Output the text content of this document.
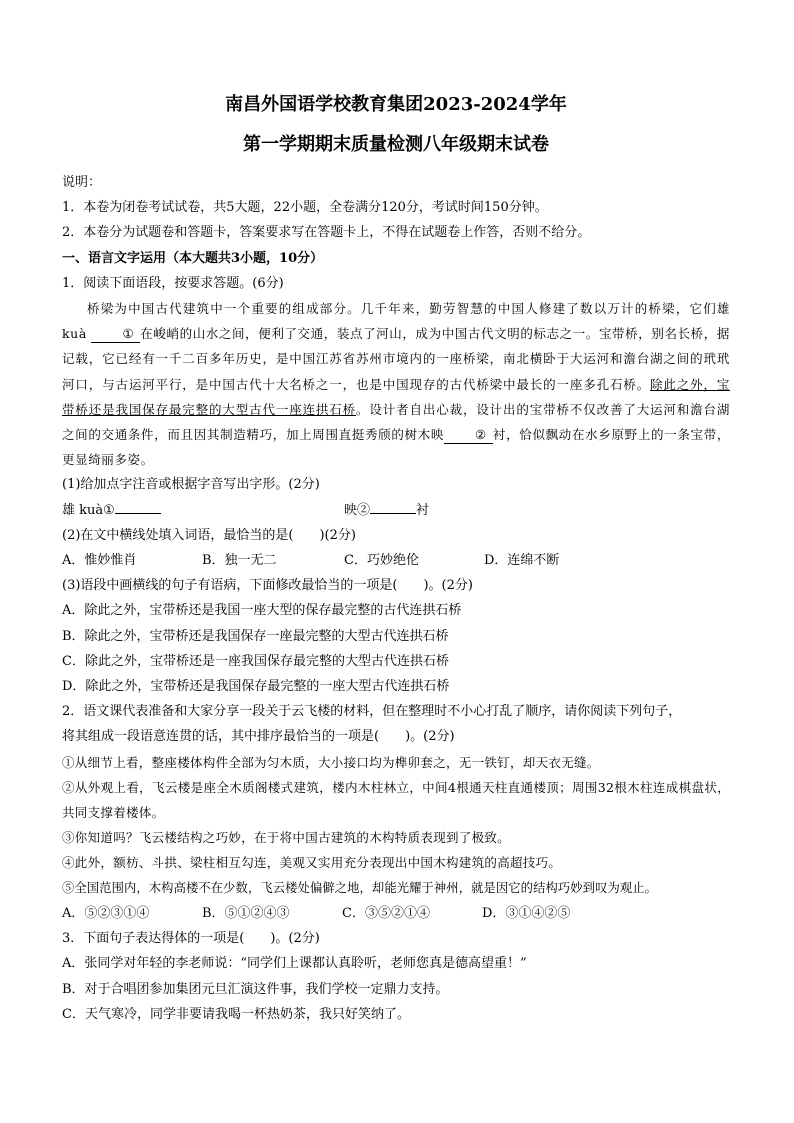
南昌外国语学校教育集团2023-2024学年

第一学期期末质量检测八年级期末试卷

说明：

1．本卷为闭卷考试试卷，共5大题，22小题，全卷满分120分，考试时间150分钟。

2．本卷分为试题卷和答题卡，答案要求写在答题卡上，不得在试题卷上作答，否则不给分。

一、语言文字运用（本大题共3小题，10分）

1．阅读下面语段，按要求答题。(6分)

桥梁为中国古代建筑中一个重要的组成部分。几千年来，勤劳智慧的中国人修建了数以万计的桥梁，它们雄 kuà ① 在峻峭的山水之间，便利了交通，装点了河山，成为中国古代文明的标志之一。宝带桥，别名长桥，据记载，它已经有一千二百多年历史，是中国江苏省苏州市境内的一座桥梁，南北横卧于大运河和澹台湖之间的玳玳河口，与古运河平行，是中国古代十大名桥之一，也是中国现存的古代桥梁中最长的一座多孔石桥。除此之外，宝带桥还是我国保存最完整的大型古代一座连拱石桥。设计者自出心裁，设计出的宝带桥不仅改善了大运河和澹台湖之间的交通条件，而且因其制造精巧，加上周围直挺秀颀的树木映 ② 衬，恰似飘动在水乡原野上的一条宝带，更显绮丽多姿。

(1)给加点字注音或根据字音写出字形。(2分)

雄 kuà①	映②	衬

(2)在文中横线处填入词语，最恰当的是(　　)(2分)

A．惟妙惟肖	B．独一无二	C．巧妙绝伦	D．连绵不断

(3)语段中画横线的句子有语病，下面修改最恰当的一项是(　　)。(2分)

A．除此之外，宝带桥还是我国一座大型的保存最完整的古代连拱石桥

B．除此之外，宝带桥还是我国保存一座最完整的大型古代连拱石桥

C．除此之外，宝带桥还是一座我国保存最完整的大型古代连拱石桥

D．除此之外，宝带桥还是我国保存最完整的一座大型古代连拱石桥

2．语文课代表准备和大家分享一段关于云飞楼的材料，但在整理时不小心打乱了顺序，请你阅读下列句子，

将其组成一段语意连贯的话，其中排序最恰当的一项是(　　)。(2分)

①从细节上看，整座楼体构件全部为匀木质，大小接口均为榫卯套之，无一铁钉，却天衣无缝。

②从外观上看，飞云楼是座全木质阁楼式建筑，楼内木柱林立，中间4根通天柱直通楼顶；周围32根木柱连成棋盘状，共同支撑着楼体。

③你知道吗？飞云楼结构之巧妙，在于将中国古建筑的木构特质表现到了极致。

④此外，额枋、斗拱、梁柱相互勾连，美观又实用充分表现出中国木构建筑的高超技巧。

⑤全国范围内，木构高楼不在少数，飞云楼处偏僻之地，却能光耀于神州，就是因它的结构巧妙到叹为观止。

A．⑤②③①④	B．⑤①②④③	C．③⑤②①④	D．③①④②⑤

3．下面句子表达得体的一项是(　　)。(2分)

A．张同学对年轻的李老师说：“同学们上课都认真聆听，老师您真是德高望重！”

B．对于合唱团参加集团元旦汇演这件事，我们学校一定鼎力支持。

C．天气寒冷，同学非要请我喝一杯热奶茶，我只好笑纳了。
